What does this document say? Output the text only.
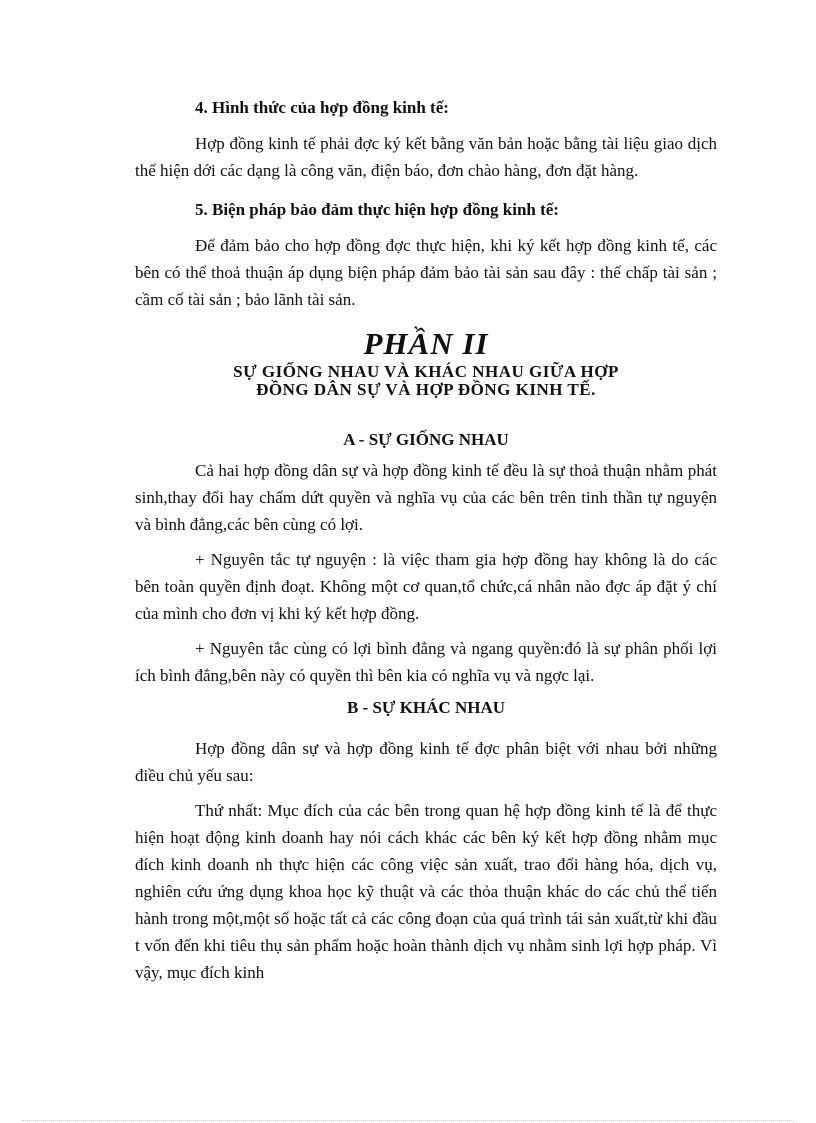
4. Hình thức của hợp đồng kinh tế:

Hợp đồng kinh tế phải đợc ký kết bằng văn bản hoặc bằng tài liệu giao dịch thể hiện dới các dạng là công văn, điện báo, đơn chào hàng, đơn đặt hàng.

5. Biện pháp bảo đảm thực hiện hợp đồng kinh tế:

Để đảm bảo cho hợp đồng đợc thực hiện, khi ký kết hợp đồng kinh tế, các bên có thể thoả thuận áp dụng biện pháp đảm bảo tài sản sau đây : thế chấp tài sản ; cầm cố tài sản ; bảo lãnh tài sản.

PHẦN II
SỰ GIỐNG NHAU VÀ KHÁC NHAU GIỮA HỢP
ĐỒNG DÂN SỰ VÀ HỢP ĐỒNG KINH TẾ.
A - SỰ GIỐNG NHAU

Cả hai hợp đồng dân sự và hợp đồng kinh tế đều là sự thoả thuận nhằm phát sinh,thay đổi hay chấm dứt quyền và nghĩa vụ của các bên trên tinh thần tự nguyện và bình đẳng,các bên cùng có lợi.

+ Nguyên tắc tự nguyện : là việc tham gia hợp đồng hay không là do các bên toàn quyền định đoạt. Không một cơ quan,tổ chức,cá nhân nào đợc áp đặt ý chí của mình cho đơn vị khi ký kết hợp đồng.

+ Nguyên tắc cùng có lợi bình đẳng và ngang quyền:đó là sự phân phối lợi ích bình đẳng,bên này có quyền thì bên kia có nghĩa vụ và ngợc lại.

B - SỰ KHÁC NHAU

Hợp đồng dân sự và hợp đồng kinh tế đợc phân biệt với nhau bởi những điều chủ yếu sau:

Thứ nhất: Mục đích của các bên trong quan hệ hợp đồng kinh tế là để thực hiện hoạt động kinh doanh hay nói cách khác các bên ký kết hợp đồng nhằm mục đích kinh doanh nh thực hiện các công việc sản xuất, trao đổi hàng hóa, dịch vụ, nghiên cứu ứng dụng khoa học kỹ thuật và các thỏa thuận khác do các chủ thể tiến hành trong một,một số hoặc tất cả các công đoạn của quá trình tái sản xuất,từ khi đầu t vốn đến khi tiêu thụ sản phẩm hoặc hoàn thành dịch vụ nhằm sinh lợi hợp pháp. Vì vậy, mục đích kinh
